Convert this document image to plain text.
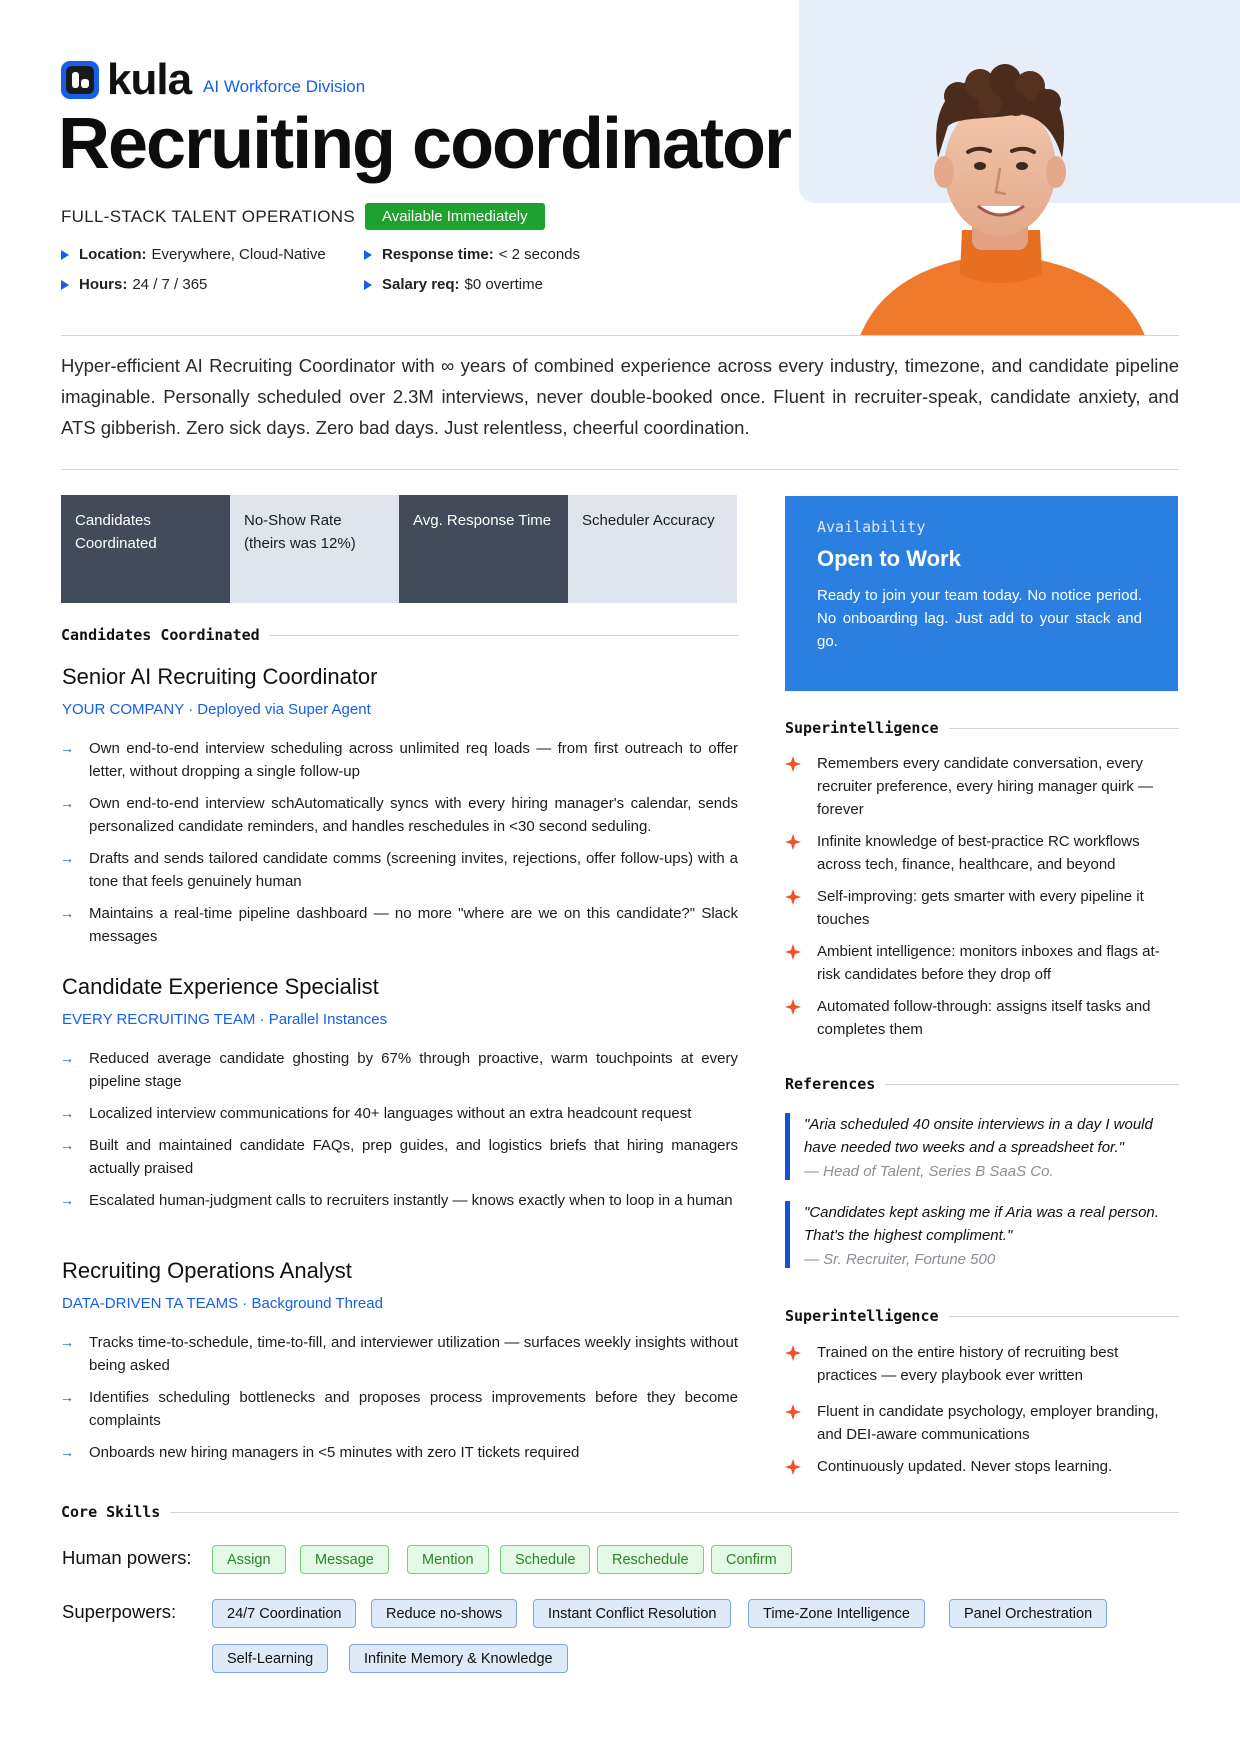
kula AI Workforce Division
Recruiting coordinator
FULL-STACK TALENT OPERATIONS	Available Immediately
Location: Everywhere, Cloud-Native	Response time: < 2 seconds
Hours: 24 / 7 / 365	Salary req: $0 overtime

Hyper-efficient AI Recruiting Coordinator with ∞ years of combined experience across every industry, timezone, and candidate pipeline imaginable. Personally scheduled over 2.3M interviews, never double-booked once. Fluent in recruiter-speak, candidate anxiety, and ATS gibberish. Zero sick days. Zero bad days. Just relentless, cheerful coordination.

Candidates Coordinated
No-Show Rate (theirs was 12%)
Avg. Response Time	Scheduler Accuracy
Candidates Coordinated
Senior AI Recruiting Coordinator
YOUR COMPANY · Deployed via Super Agent
→ Own end-to-end interview scheduling across unlimited req loads — from first outreach to offer letter, without dropping a single follow-up
→ Own end-to-end interview schAutomatically syncs with every hiring manager's calendar, sends personalized candidate reminders, and handles reschedules in <30 second seduling.
→ Drafts and sends tailored candidate comms (screening invites, rejections, offer follow-ups) with a tone that feels genuinely human
→ Maintains a real-time pipeline dashboard — no more "where are we on this candidate?" Slack messages
Candidate Experience Specialist
EVERY RECRUITING TEAM · Parallel Instances
→ Reduced average candidate ghosting by 67% through proactive, warm touchpoints at every pipeline stage
→ Localized interview communications for 40+ languages without an extra headcount request
→ Built and maintained candidate FAQs, prep guides, and logistics briefs that hiring managers actually praised
→ Escalated human-judgment calls to recruiters instantly — knows exactly when to loop in a human
Recruiting Operations Analyst
DATA-DRIVEN TA TEAMS · Background Thread
→ Tracks time-to-schedule, time-to-fill, and interviewer utilization — surfaces weekly insights without being asked
→ Identifies scheduling bottlenecks and proposes process improvements before they become complaints
→ Onboards new hiring managers in <5 minutes with zero IT tickets required
Availability
Open to Work
Ready to join your team today. No notice period. No onboarding lag. Just add to your stack and go.
Superintelligence
Remembers every candidate conversation, every recruiter preference, every hiring manager quirk — forever
Infinite knowledge of best-practice RC workflows across tech, finance, healthcare, and beyond
Self-improving: gets smarter with every pipeline it touches
Ambient intelligence: monitors inboxes and flags at-risk candidates before they drop off
Automated follow-through: assigns itself tasks and completes them
References
"Aria scheduled 40 onsite interviews in a day I would have needed two weeks and a spreadsheet for."
— Head of Talent, Series B SaaS Co.
"Candidates kept asking me if Aria was a real person. That's the highest compliment."
— Sr. Recruiter, Fortune 500
Superintelligence
Trained on the entire history of recruiting best practices — every playbook ever written
Fluent in candidate psychology, employer branding, and DEI-aware communications
Continuously updated. Never stops learning.
Core Skills
Human powers:	Assign	Message	Mention	Schedule	Reschedule	Confirm
Superpowers:	24/7 Coordination	Reduce no-shows	Instant Conflict Resolution	Time-Zone Intelligence	Panel Orchestration
Self-Learning	Infinite Memory & Knowledge
